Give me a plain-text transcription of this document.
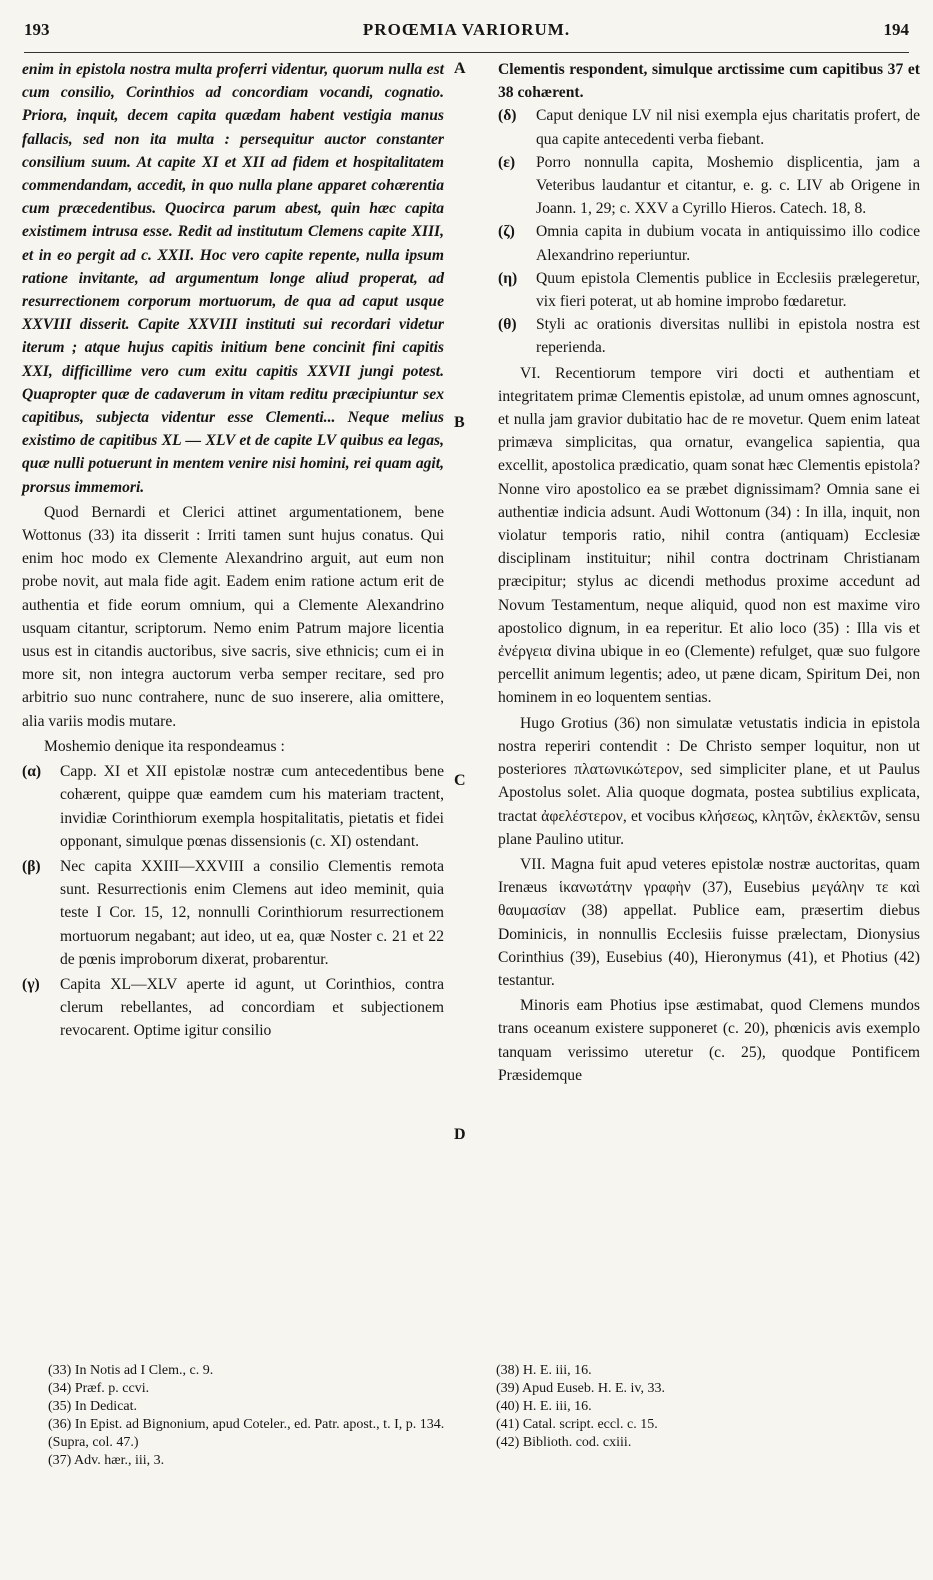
193	PROŒMIA VARIORUM.	194
A
B
C
D

enim in epistola nostra multa proferri videntur, quorum nulla est cum consilio, Corinthios ad concordiam vocandi, cognatio. Priora, inquit, decem capita quædam habent vestigia manus fallacis, sed non ita multa : persequitur auctor constanter consilium suum. At capite XI et XII ad fidem et hospitalitatem commendandam, accedit, in quo nulla plane apparet cohærentia cum præcedentibus. Quocirca parum abest, quin hæc capita existimem intrusa esse. Redit ad institutum Clemens capite XIII, et in eo pergit ad c. XXII. Hoc vero capite repente, nulla ipsum ratione invitante, ad argumentum longe aliud properat, ad resurrectionem corporum mortuorum, de qua ad caput usque XXVIII disserit. Capite XXVIII instituti sui recordari videtur iterum ; atque hujus capitis initium bene concinit fini capitis XXI, difficillime vero cum exitu capitis XXVII jungi potest. Quapropter quæ de cadaverum in vitam reditu præcipiuntur sex capitibus, subjecta videntur esse Clementi... Neque melius existimo de capitibus XL — XLV et de capite LV quibus ea legas, quæ nulli potuerunt in mentem venire nisi homini, rei quam agit, prorsus immemori.

Quod Bernardi et Clerici attinet argumentationem, bene Wottonus (33) ita disserit : Irriti tamen sunt hujus conatus. Qui enim hoc modo ex Clemente Alexandrino arguit, aut eum non probe novit, aut mala fide agit. Eadem enim ratione actum erit de authentia et fide eorum omnium, qui a Clemente Alexandrino usquam citantur, scriptorum. Nemo enim Patrum majore licentia usus est in citandis auctoribus, sive sacris, sive ethnicis; cum ei in more sit, non integra auctorum verba semper recitare, sed pro arbitrio suo nunc contrahere, nunc de suo inserere, alia omittere, alia variis modis mutare.

Moshemio denique ita respondeamus :

(α)	Capp. XI et XII epistolæ nostræ cum antecedentibus bene cohærent, quippe quæ eamdem cum his materiam tractent, invidiæ Corinthiorum exempla hospitalitatis, pietatis et fidei opponant, simulque pœnas dissensionis (c. XI) ostendant.
(β)	Nec capita XXIII—XXVIII a consilio Clementis remota sunt. Resurrectionis enim Clemens aut ideo meminit, quia teste I Cor. 15, 12, nonnulli Corinthiorum resurrectionem mortuorum negabant; aut ideo, ut ea, quæ Noster c. 21 et 22 de pœnis improborum dixerat, probarentur.
(γ)	Capita XL—XLV aperte id agunt, ut Corinthios, contra clerum rebellantes, ad concordiam et subjectionem revocarent. Optime igitur consilio

Clementis respondent, simulque arctissime cum capitibus 37 et 38 cohærent.

(δ)	Caput denique LV nil nisi exempla ejus charitatis profert, de qua capite antecedenti verba fiebant.
(ε)	Porro nonnulla capita, Moshemio displicentia, jam a Veteribus laudantur et citantur, e. g. c. LIV ab Origene in Joann. 1, 29; c. XXV a Cyrillo Hieros. Catech. 18, 8.
(ζ)	Omnia capita in dubium vocata in antiquissimo illo codice Alexandrino reperiuntur.
(η)	Quum epistola Clementis publice in Ecclesiis prælegeretur, vix fieri poterat, ut ab homine improbo fœdaretur.
(θ)	Styli ac orationis diversitas nullibi in epistola nostra est reperienda.

VI. Recentiorum tempore viri docti et authentiam et integritatem primæ Clementis epistolæ, ad unum omnes agnoscunt, et nulla jam gravior dubitatio hac de re movetur. Quem enim lateat primæva simplicitas, qua ornatur, evangelica sapientia, qua excellit, apostolica prædicatio, quam sonat hæc Clementis epistola? Nonne viro apostolico ea se præbet dignissimam? Omnia sane ei authentiæ indicia adsunt. Audi Wottonum (34) : In illa, inquit, non violatur temporis ratio, nihil contra (antiquam) Ecclesiæ disciplinam instituitur; nihil contra doctrinam Christianam præcipitur; stylus ac dicendi methodus proxime accedunt ad Novum Testamentum, neque aliquid, quod non est maxime viro apostolico dignum, in ea reperitur. Et alio loco (35) : Illa vis et ἐνέργεια divina ubique in eo (Clemente) refulget, quæ suo fulgore percellit animum legentis; adeo, ut pæne dicam, Spiritum Dei, non hominem in eo loquentem sentias.

Hugo Grotius (36) non simulatæ vetustatis indicia in epistola nostra reperiri contendit : De Christo semper loquitur, non ut posteriores πλατωνικώτερον, sed simpliciter plane, et ut Paulus Apostolus solet. Alia quoque dogmata, postea subtilius explicata, tractat ἀφελέστερον, et vocibus κλήσεως, κλητῶν, ἐκλεκτῶν, sensu plane Paulino utitur.

VII. Magna fuit apud veteres epistolæ nostræ auctoritas, quam Irenæus ἱκανωτάτην γραφὴν (37), Eusebius μεγάλην τε καὶ θαυμασίαν (38) appellat. Publice eam, præsertim diebus Dominicis, in nonnullis Ecclesiis fuisse prælectam, Dionysius Corinthius (39), Eusebius (40), Hieronymus (41), et Photius (42) testantur.

Minoris eam Photius ipse æstimabat, quod Clemens mundos trans oceanum existere supponeret (c. 20), phœnicis avis exemplo tanquam verissimo uteretur (c. 25), quodque Pontificem Præsidemque

(33) In Notis ad I Clem., c. 9.
(34) Præf. p. ccvi.
(35) In Dedicat.
(36) In Epist. ad Bignonium, apud Coteler., ed. Patr. apost., t. I, p. 134. (Supra, col. 47.)
(37) Adv. hær., iii, 3.
(38) H. E. iii, 16.
(39) Apud Euseb. H. E. iv, 33.
(40) H. E. iii, 16.
(41) Catal. script. eccl. c. 15.
(42) Biblioth. cod. cxiii.
